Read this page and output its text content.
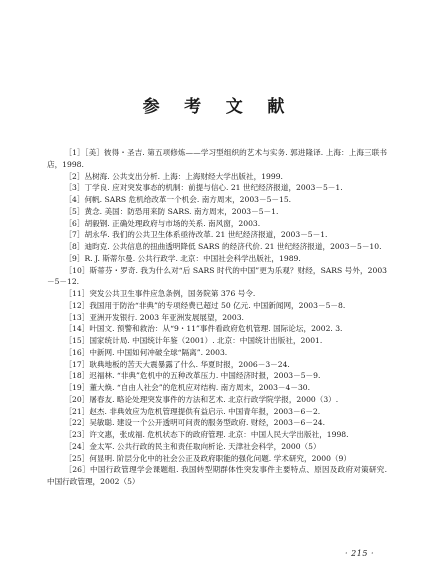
参 考 文 献
［1］［美］彼得・圣吉. 第五项修炼——学习型组织的艺术与实务. 郭进隆译. 上海：上海三联书店，1998.
［2］丛树海. 公共支出分析. 上海：上海财经大学出版社，1999.
［3］丁学良. 应对突发事态的机制：前提与信心. 21 世纪经济报道，2003－5－1.
［4］何帆. SARS 危机给改革一个机会. 南方周末，2003－5－15.
［5］黄念. 美国：防恐用来防 SARS. 南方周末，2003－5－1.
［6］胡毅钢. 正确处理政府与市场的关系. 南风窗，2003.
［7］胡永华. 我们的公共卫生体系亟待改革. 21 世纪经济报道，2003－5－1.
［8］迪昀克. 公共信息的扭曲透明降低 SARS 的经济代价. 21 世纪经济报道，2003－5－10.
［9］R. J. 斯蒂尔曼. 公共行政学. 北京：中国社会科学出版社，1989.
［10］斯蒂芬・罗奇. 我为什么对“后 SARS 时代的中国”更为乐观？财经，SARS 号外，2003－5－12.
［11］突发公共卫生事件应急条例，国务院第 376 号令.
［12］我国用于防治“非典”的专项经费已超过 50 亿元. 中国新闻网，2003－5－8.
［13］亚洲开发银行. 2003 年亚洲发展展望，2003.
［14］叶国文. 预警和救治：从“9・11”事件看政府危机管理. 国际论坛，2002. 3.
［15］国家统计局. 中国统计年鉴（2001）. 北京：中国统计出版社，2001.
［16］中新网. 中国如何冲破全球“隔离”. 2003.
［17］耿典地板的苦天大震暴露了什么. 华夏时报，2006－3－24.
［18］迟福林. “非典”危机中的五种改革压力. 中国经济时报，2003－5－9.
［19］董大焕. “自由人社会”的危机应对结构. 南方周末，2003－4－30.
［20］屠春友. 略论处理突发事件的方法和艺术. 北京行政学院学报，2000（3）.
［21］赵杰. 非典效应为危机管理提供有益启示. 中国青年报，2003－6－2.
［22］吴敏聪. 建设一个公开透明可问责的服务型政府. 财经，2003－6－24.
［23］许文惠，张成福. 危机状态下的政府管理. 北京：中国人民大学出版社，1998.
［24］金太军. 公共行政的民主和责任取向析论. 天津社会科学，2000（5）
［25］何显明. 阶层分化中的社会公正及政府职能的强化问题. 学术研究，2000（9）
［26］中国行政管理学会课题组. 我国转型期群体性突发事件主要特点、原因及政府对策研究. 中国行政管理，2002（5）
· 215 ·
